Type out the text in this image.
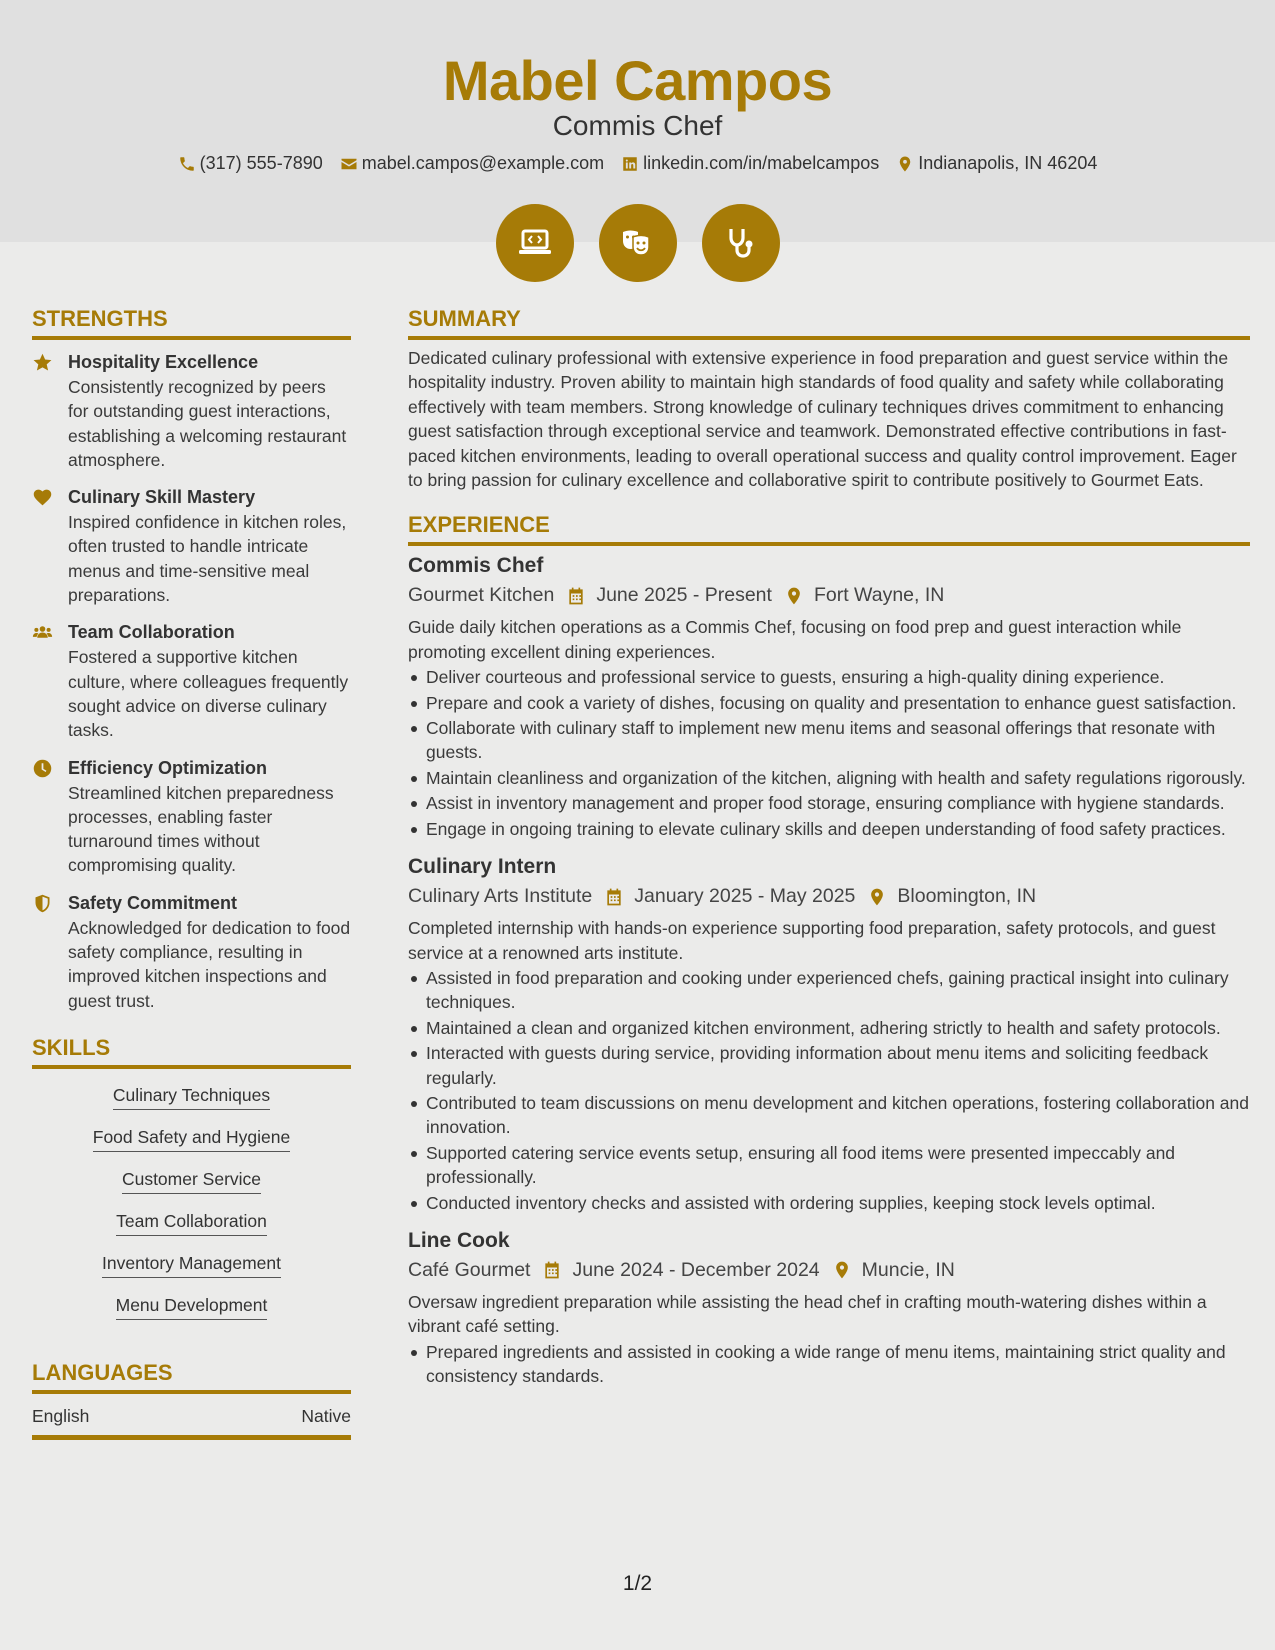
Mabel Campos
Commis Chef
(317) 555-7890 mabel.campos@example.com linkedin.com/in/mabelcampos Indianapolis, IN 46204
STRENGTHS
Hospitality Excellence
Consistently recognized by peers for outstanding guest interactions, establishing a welcoming restaurant atmosphere.
Culinary Skill Mastery
Inspired confidence in kitchen roles, often trusted to handle intricate menus and time-sensitive meal preparations.
Team Collaboration
Fostered a supportive kitchen culture, where colleagues frequently sought advice on diverse culinary tasks.
Efficiency Optimization
Streamlined kitchen preparedness processes, enabling faster turnaround times without compromising quality.
Safety Commitment
Acknowledged for dedication to food safety compliance, resulting in improved kitchen inspections and guest trust.
SKILLS
Culinary Techniques
Food Safety and Hygiene
Customer Service
Team Collaboration
Inventory Management
Menu Development
LANGUAGES
English	Native
SUMMARY
Dedicated culinary professional with extensive experience in food preparation and guest service within the hospitality industry. Proven ability to maintain high standards of food quality and safety while collaborating effectively with team members. Strong knowledge of culinary techniques drives commitment to enhancing guest satisfaction through exceptional service and teamwork. Demonstrated effective contributions in fast-paced kitchen environments, leading to overall operational success and quality control improvement. Eager to bring passion for culinary excellence and collaborative spirit to contribute positively to Gourmet Eats.
EXPERIENCE
Commis Chef
Gourmet Kitchen June 2025 - Present Fort Wayne, IN
Guide daily kitchen operations as a Commis Chef, focusing on food prep and guest interaction while promoting excellent dining experiences.
Deliver courteous and professional service to guests, ensuring a high-quality dining experience.
Prepare and cook a variety of dishes, focusing on quality and presentation to enhance guest satisfaction.
Collaborate with culinary staff to implement new menu items and seasonal offerings that resonate with guests.
Maintain cleanliness and organization of the kitchen, aligning with health and safety regulations rigorously.
Assist in inventory management and proper food storage, ensuring compliance with hygiene standards.
Engage in ongoing training to elevate culinary skills and deepen understanding of food safety practices.
Culinary Intern
Culinary Arts Institute January 2025 - May 2025 Bloomington, IN
Completed internship with hands-on experience supporting food preparation, safety protocols, and guest service at a renowned arts institute.
Assisted in food preparation and cooking under experienced chefs, gaining practical insight into culinary techniques.
Maintained a clean and organized kitchen environment, adhering strictly to health and safety protocols.
Interacted with guests during service, providing information about menu items and soliciting feedback regularly.
Contributed to team discussions on menu development and kitchen operations, fostering collaboration and innovation.
Supported catering service events setup, ensuring all food items were presented impeccably and professionally.
Conducted inventory checks and assisted with ordering supplies, keeping stock levels optimal.
Line Cook
Café Gourmet June 2024 - December 2024 Muncie, IN
Oversaw ingredient preparation while assisting the head chef in crafting mouth-watering dishes within a vibrant café setting.
Prepared ingredients and assisted in cooking a wide range of menu items, maintaining strict quality and consistency standards.
1/2
